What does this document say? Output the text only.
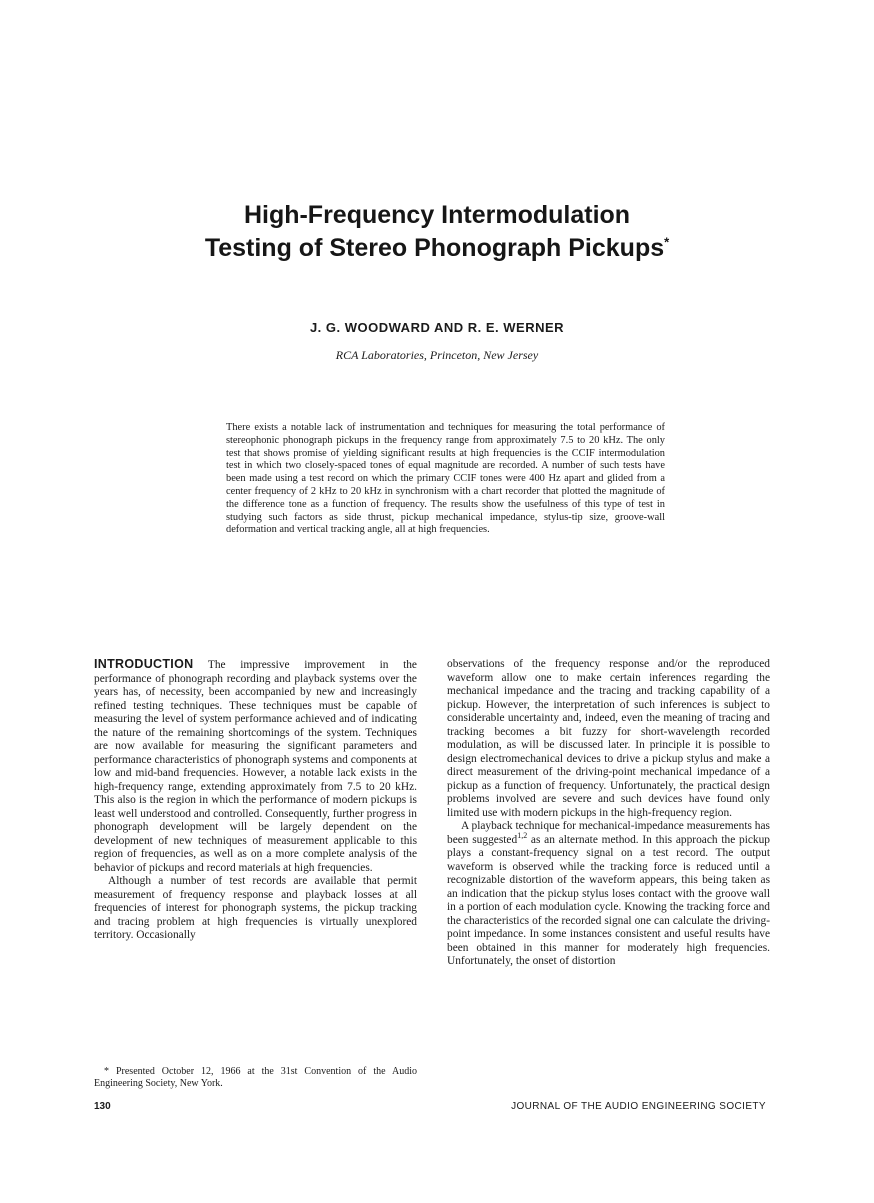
High-Frequency Intermodulation
Testing of Stereo Phonograph Pickups*
J. G. WOODWARD AND R. E. WERNER
RCA Laboratories, Princeton, New Jersey
There exists a notable lack of instrumentation and techniques for measuring the total performance of stereophonic phonograph pickups in the frequency range from approximately 7.5 to 20 kHz. The only test that shows promise of yielding significant results at high frequencies is the CCIF intermodulation test in which two closely-spaced tones of equal magnitude are recorded. A number of such tests have been made using a test record on which the primary CCIF tones were 400 Hz apart and glided from a center frequency of 2 kHz to 20 kHz in synchronism with a chart recorder that plotted the magnitude of the difference tone as a function of frequency. The results show the usefulness of this type of test in studying such factors as side thrust, pickup mechanical impedance, stylus-tip size, groove-wall deformation and vertical tracking angle, all at high frequencies.

INTRODUCTION The impressive improvement in the performance of phonograph recording and playback systems over the years has, of necessity, been accompanied by new and increasingly refined testing techniques. These techniques must be capable of measuring the level of system performance achieved and of indicating the nature of the remaining shortcomings of the system. Techniques are now available for measuring the significant parameters and performance characteristics of phonograph systems and components at low and mid-band frequencies. However, a notable lack exists in the high-frequency range, extending approximately from 7.5 to 20 kHz. This also is the region in which the performance of modern pickups is least well understood and controlled. Consequently, further progress in phonograph development will be largely dependent on the development of new techniques of measurement applicable to this region of frequencies, as well as on a more complete analysis of the behavior of pickups and record materials at high frequencies.

Although a number of test records are available that permit measurement of frequency response and playback losses at all frequencies of interest for phonograph systems, the pickup tracking and tracing problem at high frequencies is virtually unexplored territory. Occasionally

observations of the frequency response and/or the reproduced waveform allow one to make certain inferences regarding the mechanical impedance and the tracing and tracking capability of a pickup. However, the interpretation of such inferences is subject to considerable uncertainty and, indeed, even the meaning of tracing and tracking becomes a bit fuzzy for short-wavelength recorded modulation, as will be discussed later. In principle it is possible to design electromechanical devices to drive a pickup stylus and make a direct measurement of the driving-point mechanical impedance of a pickup as a function of frequency. Unfortunately, the practical design problems involved are severe and such devices have found only limited use with modern pickups in the high-frequency region.

A playback technique for mechanical-impedance measurements has been suggested$^{1,2}$ as an alternate method. In this approach the pickup plays a constant-frequency signal on a test record. The output waveform is observed while the tracking force is reduced until a recognizable distortion of the waveform appears, this being taken as an indication that the pickup stylus loses contact with the groove wall in a portion of each modulation cycle. Knowing the tracking force and the characteristics of the recorded signal one can calculate the driving-point impedance. In some instances consistent and useful results have been obtained in this manner for moderately high frequencies. Unfortunately, the onset of distortion

* Presented October 12, 1966 at the 31st Convention of the Audio Engineering Society, New York.

130	JOURNAL OF THE AUDIO ENGINEERING SOCIETY
